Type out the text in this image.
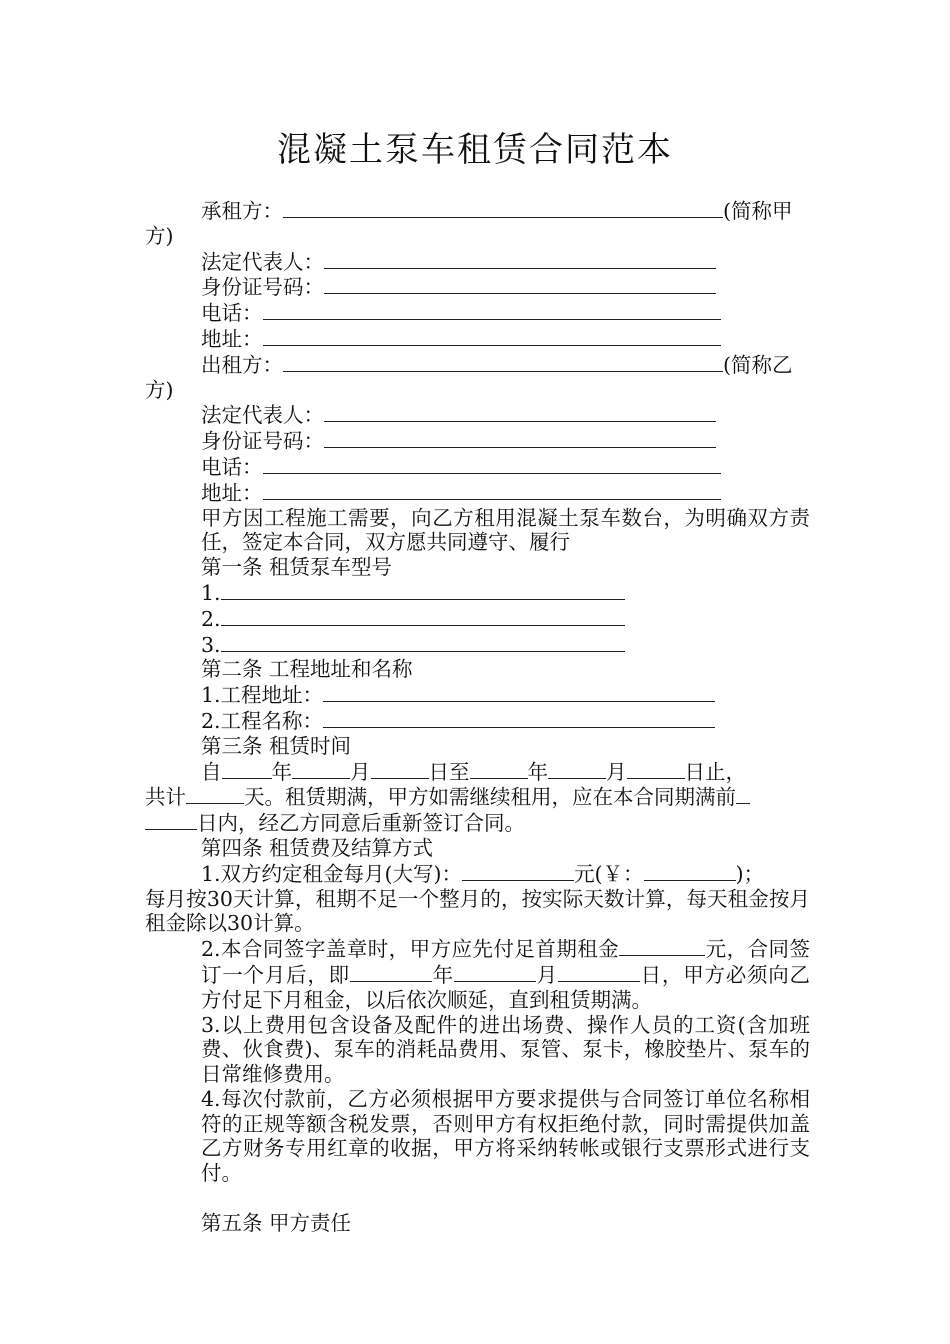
混凝土泵车租赁合同范本

承租方：	(简称甲

方)

法定代表人：

身份证号码：

电话：

地址：

出租方：	(简称乙

方)

法定代表人：

身份证号码：

电话：

地址：

甲方因工程施工需要，向乙方租用混凝土泵车数台，为明确双方责任，签定本合同，双方愿共同遵守、履行

第一条 租赁泵车型号

1.

2.

3.

第二条 工程地址和名称

1.工程地址：

2.工程名称：

第三条 租赁时间

自 年	月	日至	年	月	日止，

共计	天。租赁期满，甲方如需继续租用，应在本合同期满前

日内，经乙方同意后重新签订合同。

第四条 租赁费及结算方式

1.双方约定租金每月(大写)：	元(￥：	)；

每月按30天计算，租期不足一个整月的，按实际天数计算，每天租金按月租金除以30计算。

2.本合同签字盖章时，甲方应先付足首期租金	元，合同签订一个月后，即	年	月	日，甲方必须向乙方付足下月租金，以后依次顺延，直到租赁期满。

3.以上费用包含设备及配件的进出场费、操作人员的工资(含加班费、伙食费)、泵车的消耗品费用、泵管、泵卡，橡胶垫片、泵车的日常维修费用。

4.每次付款前，乙方必须根据甲方要求提供与合同签订单位名称相符的正规等额含税发票，否则甲方有权拒绝付款，同时需提供加盖乙方财务专用红章的收据，甲方将采纳转帐或银行支票形式进行支付。

第五条 甲方责任
